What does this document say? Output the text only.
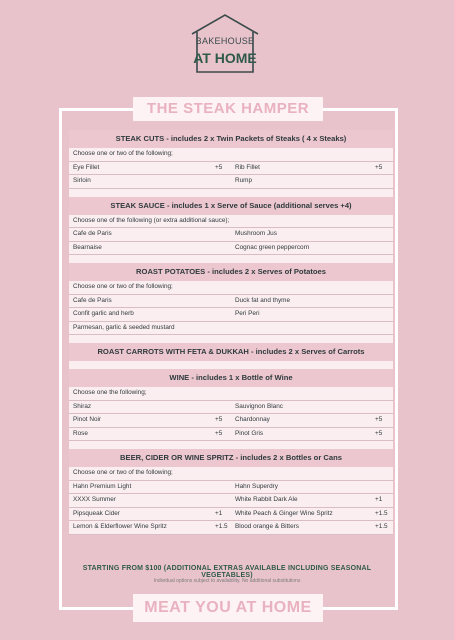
BAKEHOUSE
AT HOME
THE STEAK HAMPER
STEAK CUTS - includes 2 x Twin Packets of Steaks ( 4 x Steaks)
Choose one or two of the following;
Eye Fillet	+5 Rib Fillet	+5
Sirloin	Rump
STEAK SAUCE - includes 1 x Serve of Sauce (additional serves +4)
Choose one of the following (or extra additional sauce);
Cafe de Paris	Mushroom Jus
Bearnaise	Cognac green peppercorn
ROAST POTATOES - includes 2 x Serves of Potatoes
Choose one or two of the following;
Cafe de Paris	Duck fat and thyme
Confit garlic and herb	Peri Peri
Parmesan, garlic & seeded mustard
ROAST CARROTS WITH FETA & DUKKAH - includes 2 x Serves of Carrots
WINE - includes 1 x Bottle of Wine
Choose one the following;
Shiraz	Sauvignon Blanc
Pinot Noir	+5 Chardonnay	+5
Rose	+5 Pinot Gris	+5
BEER, CIDER OR WINE SPRITZ - includes 2 x Bottles or Cans
Choose one or two of the following;
Hahn Premium Light	Hahn Superdry
XXXX Summer	White Rabbit Dark Ale	+1
Pipsqueak Cider	+1 White Peach & Ginger Wine Spritz	+1.5
Lemon & Elderflower Wine Spritz	+1.5 Blood orange & Bitters	+1.5
STARTING FROM $100 (ADDITIONAL EXTRAS AVAILABLE INCLUDING SEASONAL VEGETABLES)
Individual options subject to availability. No additional substitutions
MEAT YOU AT HOME
